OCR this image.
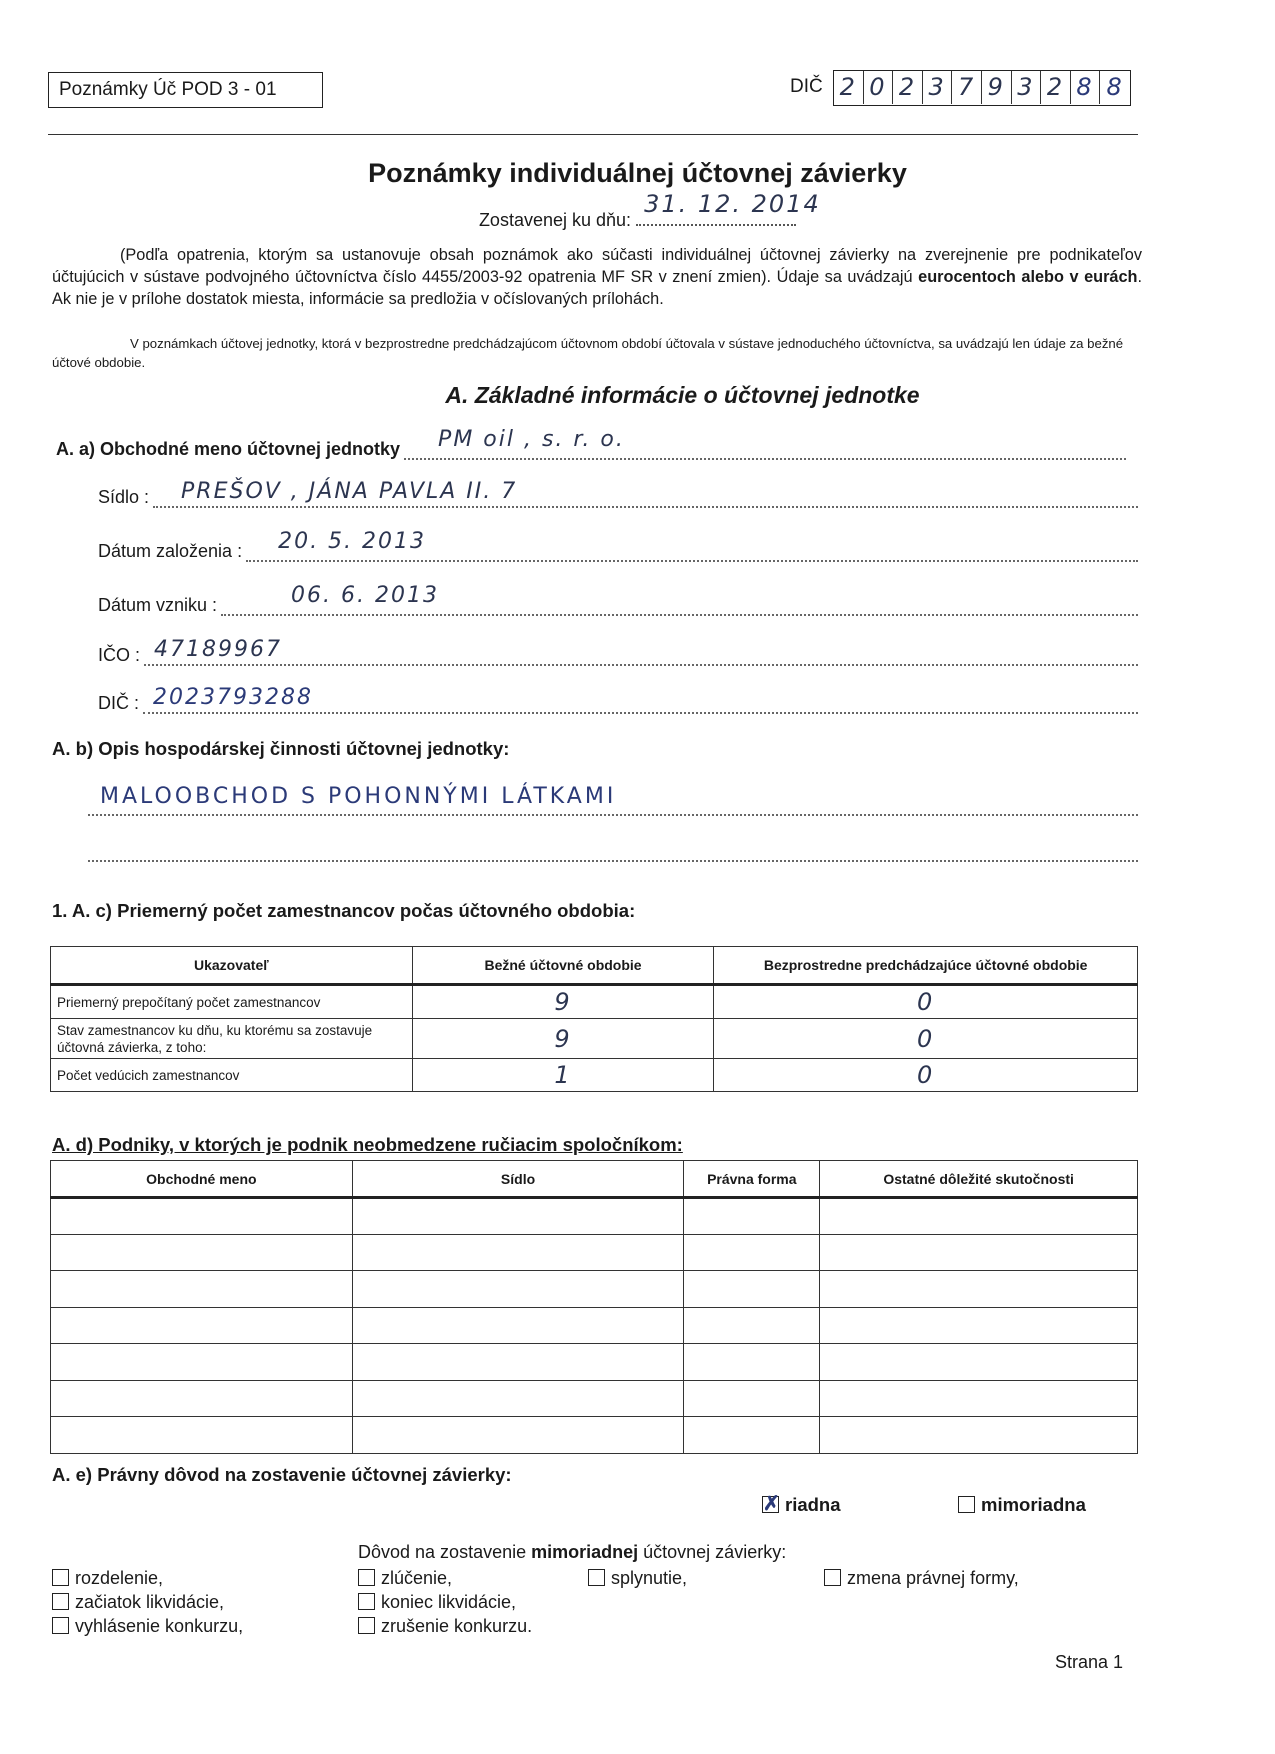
Poznámky Úč POD 3 - 01	DIČ 2 0 2 3 7 9 3 2 8 8
Poznámky individuálnej účtovnej závierky
Zostavenej ku dňu:
31. 12. 2014
(Podľa opatrenia, ktorým sa ustanovuje obsah poznámok ako súčasti individuálnej účtovnej závierky na zverejnenie pre podnikateľov účtujúcich v sústave podvojného účtovníctva číslo 4455/2003-92 opatrenia MF SR v znení zmien). Údaje sa uvádzajú eurocentoch alebo v eurách. Ak nie je v prílohe dostatok miesta, informácie sa predložia v očíslovaných prílohách.
V poznámkach účtovej jednotky, ktorá v bezprostredne predchádzajúcom účtovnom období účtovala v sústave jednoduchého účtovníctva, sa uvádzajú len údaje za bežné účtové obdobie.
A. Základné informácie o účtovnej jednotke
A. a) Obchodné meno účtovnej jednotky PM oil , s. r. o.
Sídlo : PREŠOV , JÁNA PAVLA II. 7
Dátum založenia : 20. 5. 2013
Dátum vzniku :	06. 6. 2013
IČO : 47189967
DIČ : 2023793288
A. b) Opis hospodárskej činnosti účtovnej jednotky:
MALOOBCHOD S POHONNÝMI LÁTKAMI
1. A. c) Priemerný počet zamestnancov počas účtovného obdobia:
Ukazovateľ	Bežné účtovné obdobie	Bezprostredne predchádzajúce účtovné obdobie
Priemerný prepočítaný počet zamestnancov	9	0
Stav zamestnancov ku dňu, ku ktorému sa zostavuje účtovná závierka, z toho:	9	0
Počet vedúcich zamestnancov	1	0
A. d) Podniky, v ktorých je podnik neobmedzene ručiacim spoločníkom:
Obchodné meno	Sídlo	Právna forma	Ostatné dôležité skutočnosti

A. e) Právny dôvod na zostavenie účtovnej závierky:
✗riadna	mimoriadna
Dôvod na zostavenie mimoriadnej účtovnej závierky:
rozdelenie,
začiatok likvidácie,
vyhlásenie konkurzu,
zlúčenie,
koniec likvidácie,
zrušenie konkurzu.
splynutie,	zmena právnej formy,
Strana 1
